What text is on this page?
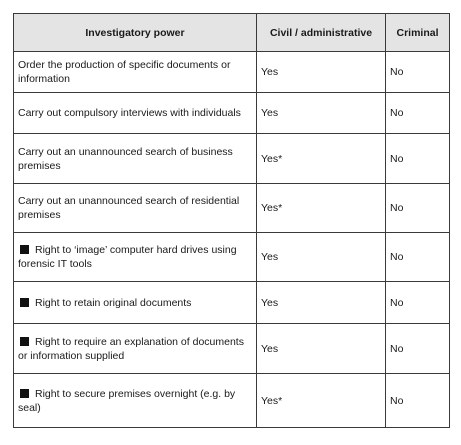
Investigatory power	Civil / administrative	Criminal
Order the production of specific documents or information	Yes	No
Carry out compulsory interviews with individuals	Yes	No
Carry out an unannounced search of business premises	Yes*	No
Carry out an unannounced search of residential premises	Yes*	No
Right to ‘image’ computer hard drives using forensic IT tools	Yes	No
Right to retain original documents	Yes	No
Right to require an explanation of documents or information supplied	Yes	No
Right to secure premises overnight (e.g. by seal)	Yes*	No
